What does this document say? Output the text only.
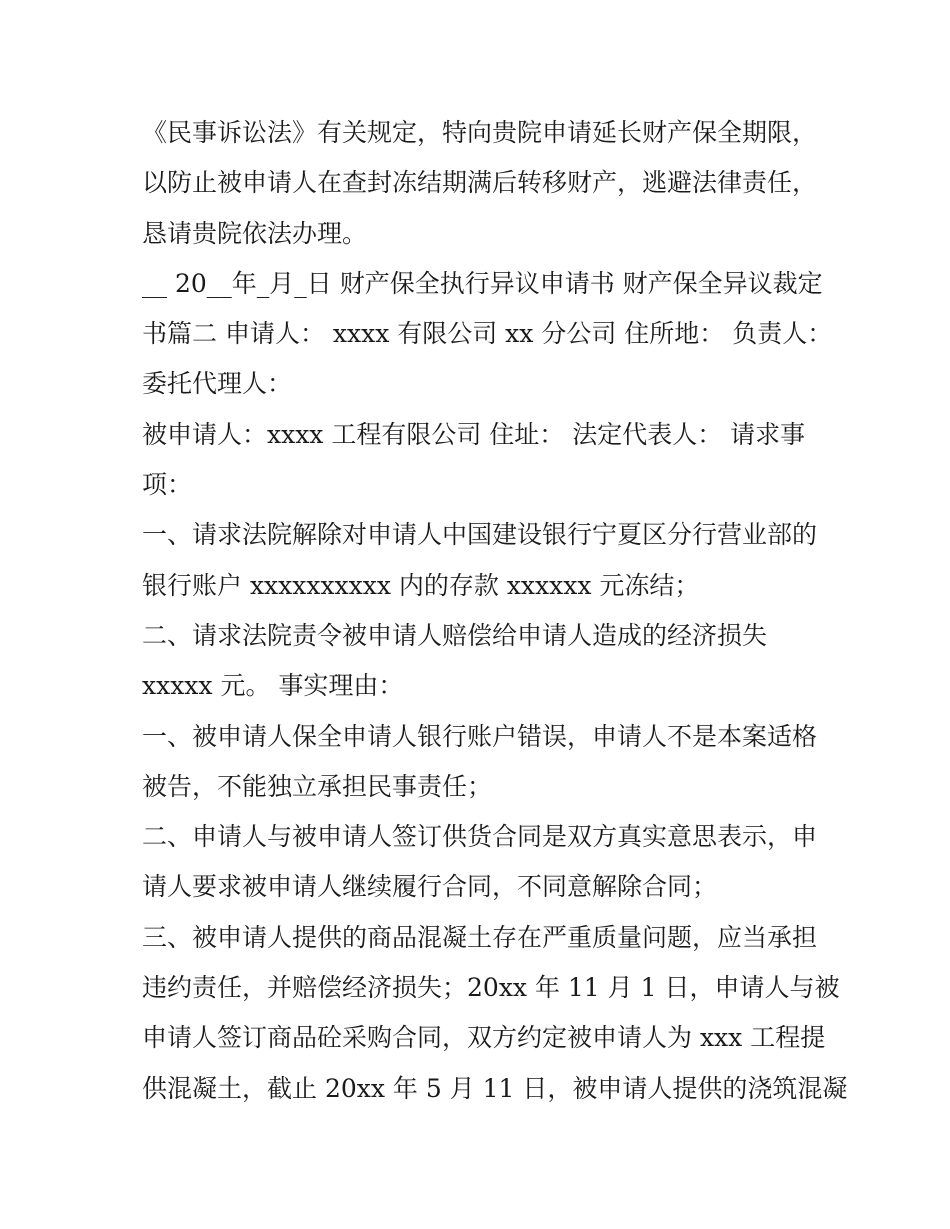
《民事诉讼法》有关规定，特向贵院申请延长财产保全期限，
以防止被申请人在查封冻结期满后转移财产，逃避法律责任，
恳请贵院依法办理。
__ 20__年_月_日 财产保全执行异议申请书 财产保全异议裁定
书篇二 申请人： xxxx 有限公司 xx 分公司 住所地： 负责人：
委托代理人：
被申请人：xxxx 工程有限公司 住址： 法定代表人： 请求事
项：
一、请求法院解除对申请人中国建设银行宁夏区分行营业部的
银行账户 xxxxxxxxxx 内的存款 xxxxxx 元冻结；
二、请求法院责令被申请人赔偿给申请人造成的经济损失
xxxxx 元。 事实理由：
一、被申请人保全申请人银行账户错误，申请人不是本案适格
被告，不能独立承担民事责任；
二、申请人与被申请人签订供货合同是双方真实意思表示，申
请人要求被申请人继续履行合同，不同意解除合同；
三、被申请人提供的商品混凝土存在严重质量问题，应当承担
违约责任，并赔偿经济损失；20xx 年 11 月 1 日，申请人与被
申请人签订商品砼采购合同，双方约定被申请人为 xxx 工程提
供混凝土，截止 20xx 年 5 月 11 日，被申请人提供的浇筑混凝
